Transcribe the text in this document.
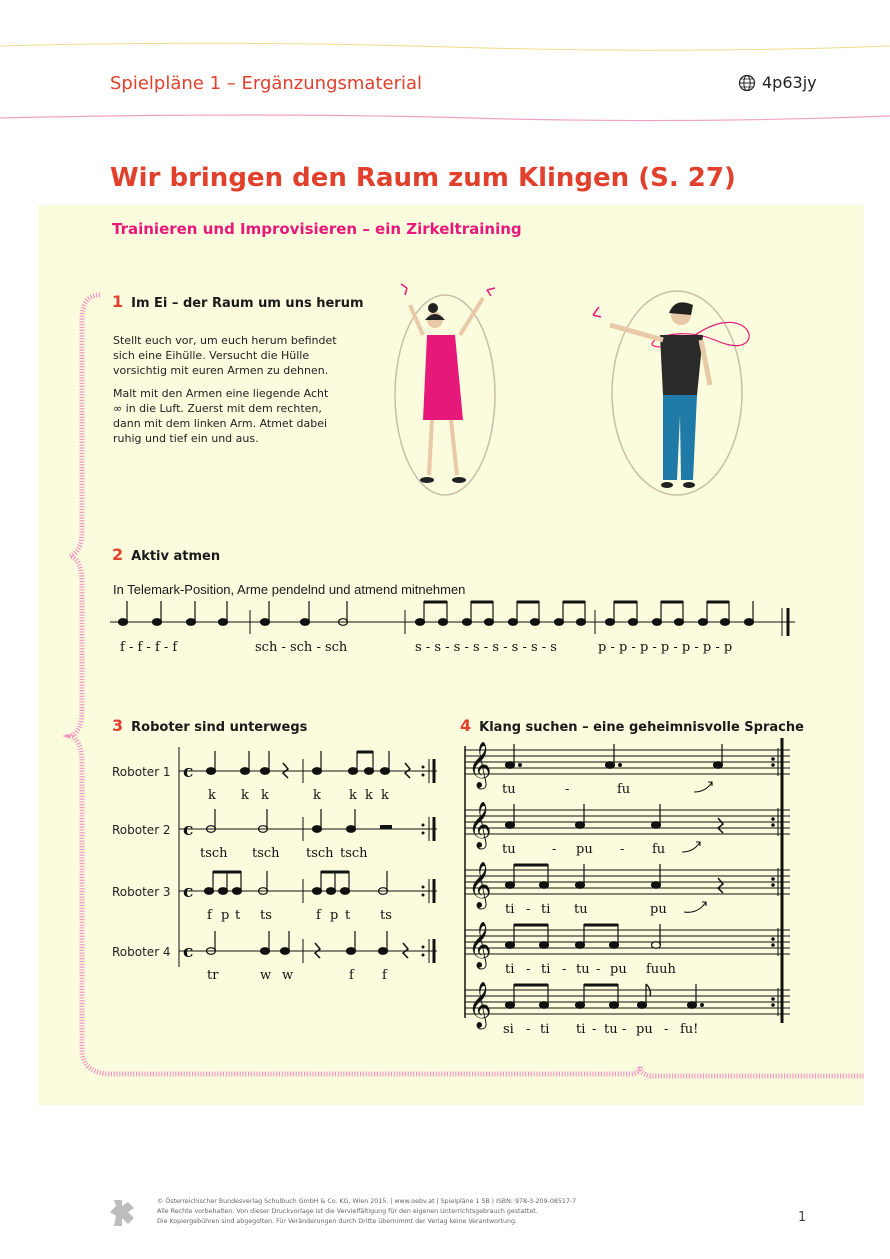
Spielpläne 1 – Ergänzungsmaterial	4p63jy
Wir bringen den Raum zum Klingen (S. 27)
Trainieren und Improvisieren – ein Zirkeltraining
1 Im Ei – der Raum um uns herum

Stellt euch vor, um euch herum befindet sich eine Eihülle. Versucht die Hülle vorsichtig mit euren Armen zu dehnen.

Malt mit den Armen eine liegende Acht ∞ in die Luft. Zuerst mit dem rechten, dann mit dem linken Arm. Atmet dabei ruhig und tief ein und aus.

2 Aktiv atmen
In Telemark-Position, Arme pendelnd und atmend mitnehmen
f - f - f - f	sch - sch - sch	s - s - s - s - s - s - s - s	p - p - p - p - p - p - p
3 Roboter sind unterwegs
c
c
c
c
Roboter 1
Roboter 2
Roboter 3
Roboter 4
k k k	k k k k
tsch tsch tsch tsch
f p t ts	f p t ts
tr	w w	f f
4 Klang suchen – eine geheimnisvolle Sprache
𝄞
𝄞
𝄞
𝄞
𝄞
tu	-	fu
tu	- pu - fu
ti - ti tu	pu
ti - ti - tu - pu fuuh
si - ti ti - tu - pu - fu!
© Österreichischer Bundesverlag Schulbuch GmbH & Co. KG, Wien 2015. | www.oebv.at | Spielpläne 1 SB | ISBN: 978-3-209-08517-7
Alle Rechte vorbehalten. Von dieser Druckvorlage ist die Vervielfältigung für den eigenen Unterrichtsgebrauch gestattet.
Die Kopiergebühren sind abgegolten. Für Veränderungen durch Dritte übernimmt der Verlag keine Verantwortung.	1
